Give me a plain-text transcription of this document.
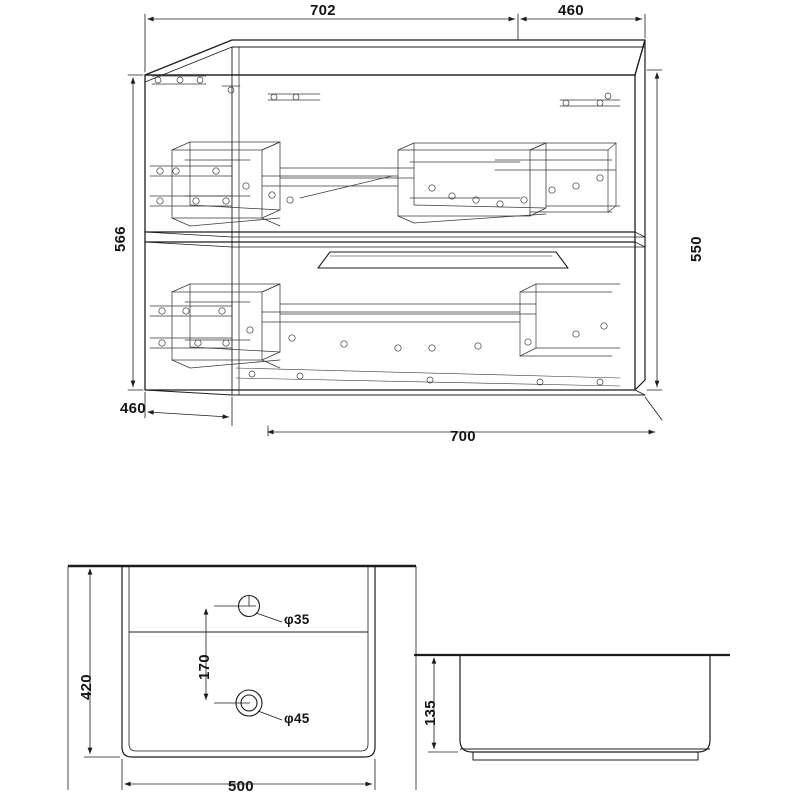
702	460
566	550
460
700
420
500
φ35
φ45
170
135
